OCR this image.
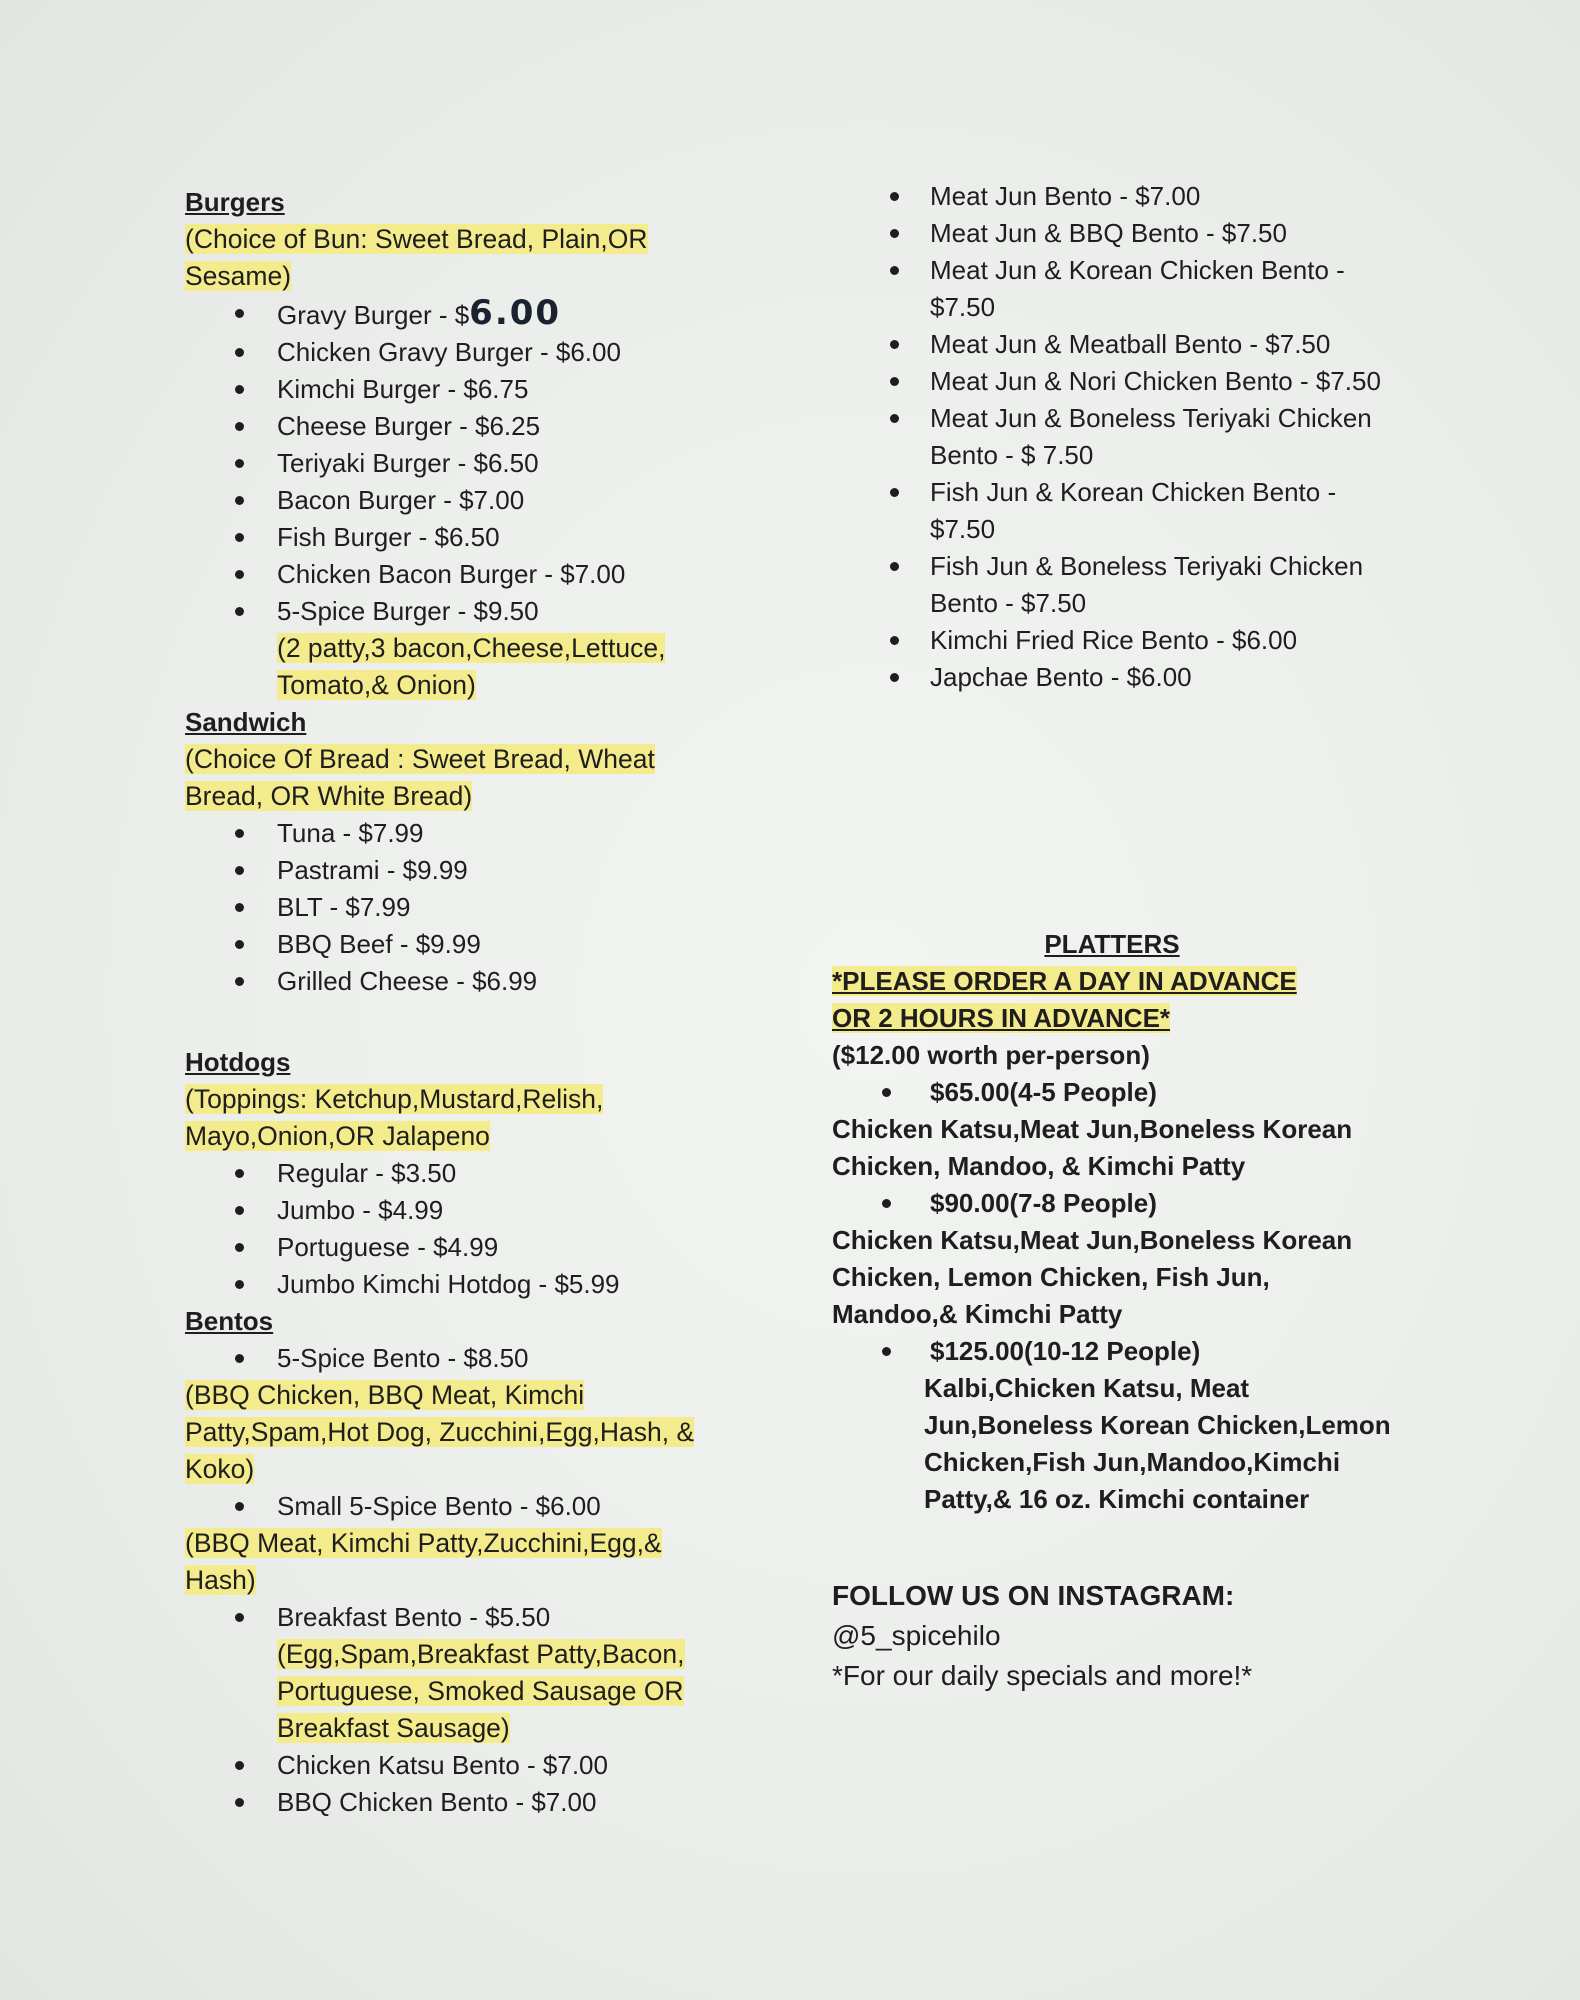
Burgers
(Choice of Bun: Sweet Bread, Plain,OR Sesame)
Gravy Burger - $6.00
Chicken Gravy Burger - $6.00
Kimchi Burger - $6.75
Cheese Burger - $6.25
Teriyaki Burger - $6.50
Bacon Burger - $7.00
Fish Burger - $6.50
Chicken Bacon Burger - $7.00
5-Spice Burger - $9.50
(2 patty,3 bacon,Cheese,Lettuce, Tomato,& Onion)
Sandwich
(Choice Of Bread : Sweet Bread, Wheat Bread, OR White Bread)
Tuna - $7.99
Pastrami - $9.99
BLT - $7.99
BBQ Beef - $9.99
Grilled Cheese - $6.99
Hotdogs
(Toppings: Ketchup,Mustard,Relish, Mayo,Onion,OR Jalapeno
Regular - $3.50
Jumbo - $4.99
Portuguese - $4.99
Jumbo Kimchi Hotdog - $5.99
Bentos
5-Spice Bento - $8.50
(BBQ Chicken, BBQ Meat, Kimchi Patty,Spam,Hot Dog, Zucchini,Egg,Hash, & Koko)
Small 5-Spice Bento - $6.00
(BBQ Meat, Kimchi Patty,Zucchini,Egg,& Hash)
Breakfast Bento - $5.50
(Egg,Spam,Breakfast Patty,Bacon, Portuguese, Smoked Sausage OR Breakfast Sausage)
Chicken Katsu Bento - $7.00
BBQ Chicken Bento - $7.00
Meat Jun Bento - $7.00
Meat Jun & BBQ Bento - $7.50
Meat Jun & Korean Chicken Bento - $7.50
Meat Jun & Meatball Bento - $7.50
Meat Jun & Nori Chicken Bento - $7.50
Meat Jun & Boneless Teriyaki Chicken Bento - $ 7.50
Fish Jun & Korean Chicken Bento - $7.50
Fish Jun & Boneless Teriyaki Chicken Bento - $7.50
Kimchi Fried Rice Bento - $6.00
Japchae Bento - $6.00
PLATTERS
*PLEASE ORDER A DAY IN ADVANCE
OR 2 HOURS IN ADVANCE*
($12.00 worth per-person)
$65.00(4-5 People)
Chicken Katsu,Meat Jun,Boneless Korean Chicken, Mandoo, & Kimchi Patty
$90.00(7-8 People)
Chicken Katsu,Meat Jun,Boneless Korean Chicken, Lemon Chicken, Fish Jun, Mandoo,& Kimchi Patty
$125.00(10-12 People)
Kalbi,Chicken Katsu, Meat Jun,Boneless Korean Chicken,Lemon Chicken,Fish Jun,Mandoo,Kimchi Patty,& 16 oz. Kimchi container
FOLLOW US ON INSTAGRAM:
@5_spicehilo
*For our daily specials and more!*
